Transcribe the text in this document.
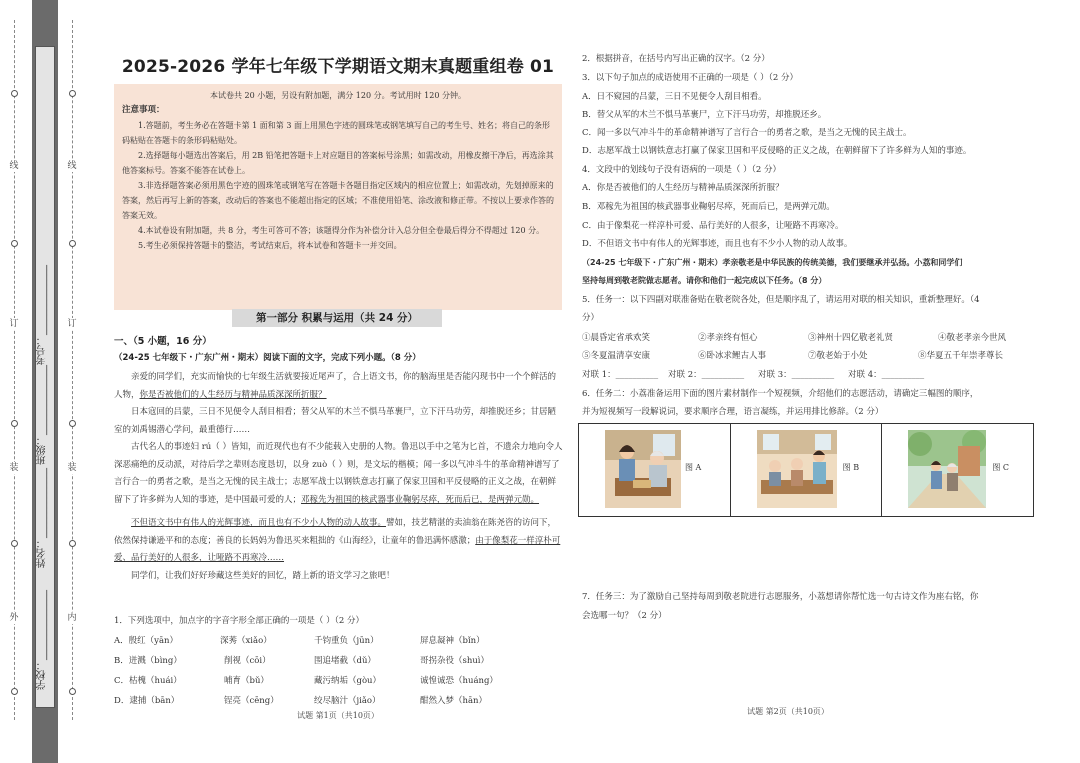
线
订
装
外
线
订
装
内
学校：______________
姓名：______________
班级：______________
考号：______________
2025-2026 学年七年级下学期语文期末真题重组卷 01
本试卷共 20 小题，另设有附加题，满分 120 分。考试用时 120 分钟。
注意事项：
1.答题前，考生务必在答题卡第 1 面和第 3 面上用黑色字迹的圆珠笔或钢笔填写自己的考生号、姓名；将自己的条形码粘贴在答题卡的条形码粘贴处。
2.选择题每小题选出答案后，用 2B 铅笔把答题卡上对应题目的答案标号涂黑；如需改动，用橡皮擦干净后，再选涂其他答案标号。答案不能答在试卷上。
3.非选择题答案必须用黑色字迹的圆珠笔或钢笔写在答题卡各题目指定区域内的相应位置上；如需改动，先划掉原来的答案，然后再写上新的答案，改动后的答案也不能超出指定的区域；不准使用铅笔、涂改液和修正带。不按以上要求作答的答案无效。
4.本试卷设有附加题，共 8 分，考生可答可不答；该题得分作为补偿分计入总分但全卷最后得分不得超过 120 分。
5.考生必须保持答题卡的整洁，考试结束后，将本试卷和答题卡一并交回。
第一部分 积累与运用（共 24 分）
一、（5 小题，16 分）
（24-25 七年级下・广东广州・期末）阅读下面的文字，完成下列小题。（8 分）
亲爱的同学们，充实而愉快的七年级生活就要接近尾声了，合上语文书，你的脑海里是否能闪现书中一个个鲜活的人物，你是否被他们的人生经历与精神品质深深所折服？
日本寇回的吕蒙，三日不见便令人刮目相看；替父从军的木兰不惧马革裹尸，立下汗马功劳，却推脱还乡；甘居陋室的刘禹锡潜心学问，最重德行……
古代名人的事迹妇 rú（ ）皆知，而近现代也有不少能载入史册的人物。鲁迅以手中之笔为匕首，不遗余力地向令人深恶痛绝的反动派，对待后学之辈则态度恳切，以身 zuò（ ）则，是文坛的楷模；闻一多以气冲斗牛的革命精神谱写了言行合一的勇者之歌，是当之无愧的民主战士；志愿军战士以钢铁意志打赢了保家卫国和平反侵略的正义之战，在朝鲜留下了许多鲜为人知的事迹，是中国最可爱的人；邓稼先为祖国的核武器事业鞠躬尽瘁，死而后已，是两弹元勋。
不但语文书中有伟人的光辉事迹，而且也有不少小人物的动人故事。譬如，技艺精湛的卖油翁在陈尧咨的访问下，依然保持谦逊平和的态度；善良的长妈妈为鲁迅买来粗拙的《山海经》，让童年的鲁迅满怀感激；由于像梨花一样淳朴可爱、品行美好的人很多，让哑路不再寒冷……
同学们，让我们好好珍藏这些美好的回忆，踏上新的语文学习之旅吧！
1．下列选项中，加点字的字音字形全部正确的一项是（ ）（2 分）
A．殷红（yān）	深莠（xiǎo）	千钧重负（jūn）	屏息凝神（bǐn）
B．迸溅（bìng）	削视（cōi）	围追堵截（dǔ）	哥拐杂役（shuì）
C．枯槐（huái）	哺育（bǔ）	藏污纳垢（gòu）	诚惶诚恐（huáng）
D．逮捕（bān）	锃亮（cēng）	绞尽脑汁（jiǎo）	酣然入梦（hān）
试题 第1页（共10页）
2．根据拼音，在括号内写出正确的汉字。（2 分）
3．以下句子加点的成语使用不正确的一项是（ ）（2 分）
A．日不窥园的吕蒙，三日不见便令人刮目相看。
B．替父从军的木兰不惧马革裹尸，立下汗马功劳，却推脱还乡。
C．闻一多以气冲斗牛的革命精神谱写了言行合一的勇者之歌，是当之无愧的民主战士。
D．志愿军战士以钢铁意志打赢了保家卫国和平反侵略的正义之战，在朝鲜留下了许多鲜为人知的事迹。
4．文段中的划线句子没有语病的一项是（ ）（2 分）
A．你是否被他们的人生经历与精神品质深深所折服？
B．邓稼先为祖国的核武器事业鞠躬尽瘁，死而后已，是两弹元勋。
C．由于像梨花一样淳朴可爱、品行美好的人很多，让哑路不再寒冷。
D．不但语文书中有伟人的光辉事迹，而且也有不少小人物的动人故事。
（24-25 七年级下・广东广州・期末）孝亲敬老是中华民族的传统美德，我们要继承并弘扬。小荔和同学们
坚持每周到敬老院做志愿者。请你和他们一起完成以下任务。（8 分）
5．任务一：以下四副对联准备贴在敬老院各处，但是顺序乱了，请运用对联的相关知识，重新整理好。（4
分）
①晨昏定省承欢笑	②孝亲终有恒心	③神州十四亿敬老礼贤	④敬老孝亲今世风
⑤冬夏温清享安康	⑥卧冰求鲤古人事	⑦敬老始于小处	⑧华夏五千年崇孝尊长
对联 1：__________ 对联 2：__________ 对联 3：__________ 对联 4：__________
6．任务二：小荔准备运用下面的图片素材制作一个短视频，介绍他们的志愿活动，请确定三幅图的顺序，
并为短视频写一段解说词，要求顺序合理，语言凝练，并运用排比修辞。（2 分）
图 A	图 B	图 C
7．任务三：为了激励自己坚持每周到敬老院进行志愿服务，小荔想请你帮忙选一句古诗文作为座右铭，你
会选哪一句？（2 分）
试题 第2页（共10页）
